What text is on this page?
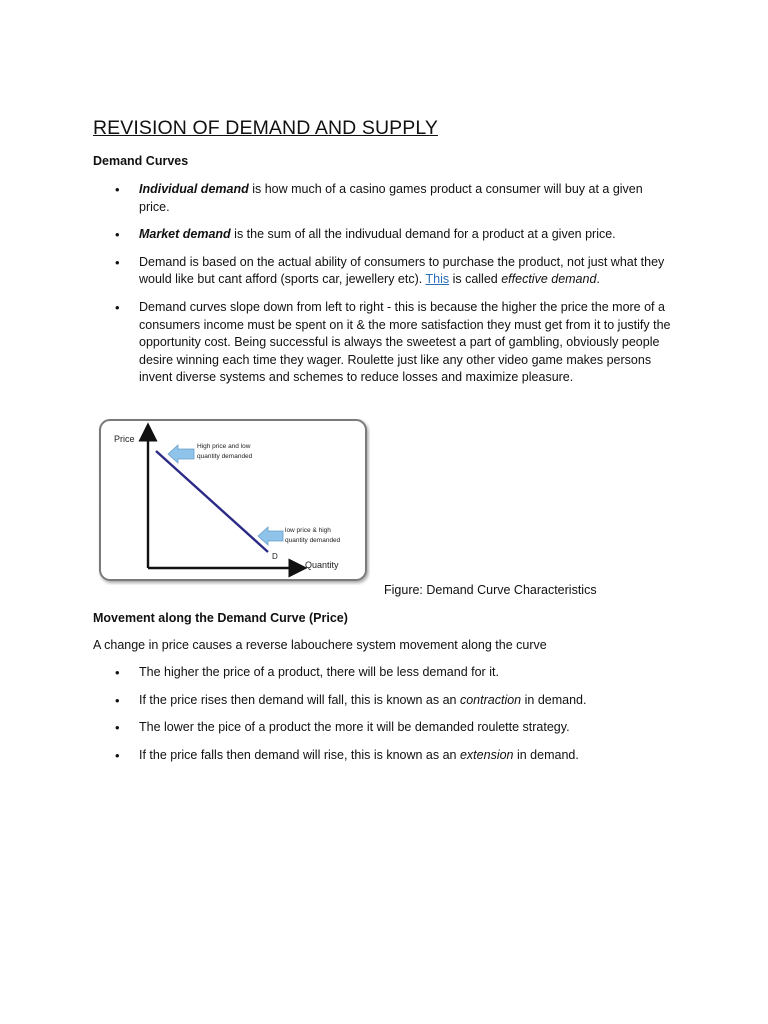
REVISION OF DEMAND AND SUPPLY
Demand Curves
• Individual demand is how much of a casino games product a consumer will buy at a given price.
• Market demand is the sum of all the indivudual demand for a product at a given price.
• Demand is based on the actual ability of consumers to purchase the product, not just what they would like but cant afford (sports car, jewellery etc). This is called effective demand.
• Demand curves slope down from left to right - this is because the higher the price the more of a consumers income must be spent on it & the more satisfaction they must get from it to justify the opportunity cost. Being successful is always the sweetest a part of gambling, obviously people desire winning each time they wager. Roulette just like any other video game makes persons invent diverse systems and schemes to reduce losses and maximize pleasure.
Price
Quantity
D
High price and low
quantity demanded
low price & high
quantity demanded
Figure: Demand Curve Characteristics
Movement along the Demand Curve (Price)
A change in price causes a reverse labouchere system movement along the curve
• The higher the price of a product, there will be less demand for it.
• If the price rises then demand will fall, this is known as an contraction in demand.
• The lower the pice of a product the more it will be demanded roulette strategy.
• If the price falls then demand will rise, this is known as an extension in demand.
